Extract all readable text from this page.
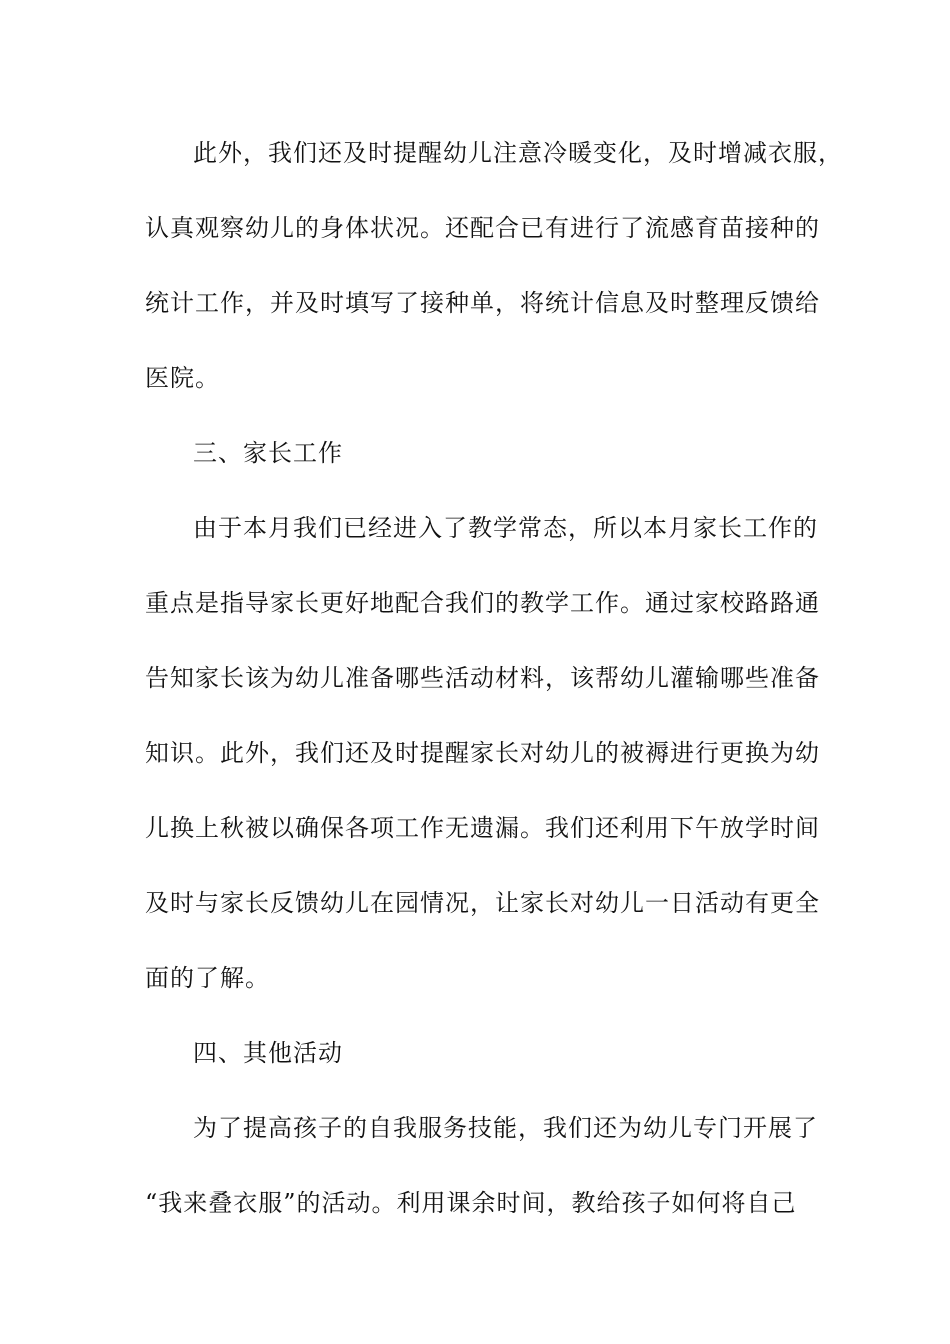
此外，我们还及时提醒幼儿注意冷暖变化，及时增减衣服，
认真观察幼儿的身体状况。还配合已有进行了流感育苗接种的
统计工作，并及时填写了接种单，将统计信息及时整理反馈给
医院。
三、家长工作
由于本月我们已经进入了教学常态，所以本月家长工作的
重点是指导家长更好地配合我们的教学工作。通过家校路路通
告知家长该为幼儿准备哪些活动材料，该帮幼儿灌输哪些准备
知识。此外，我们还及时提醒家长对幼儿的被褥进行更换为幼
儿换上秋被以确保各项工作无遗漏。我们还利用下午放学时间
及时与家长反馈幼儿在园情况，让家长对幼儿一日活动有更全
面的了解。
四、其他活动
为了提高孩子的自我服务技能，我们还为幼儿专门开展了
“我来叠衣服”的活动。利用课余时间，教给孩子如何将自己
